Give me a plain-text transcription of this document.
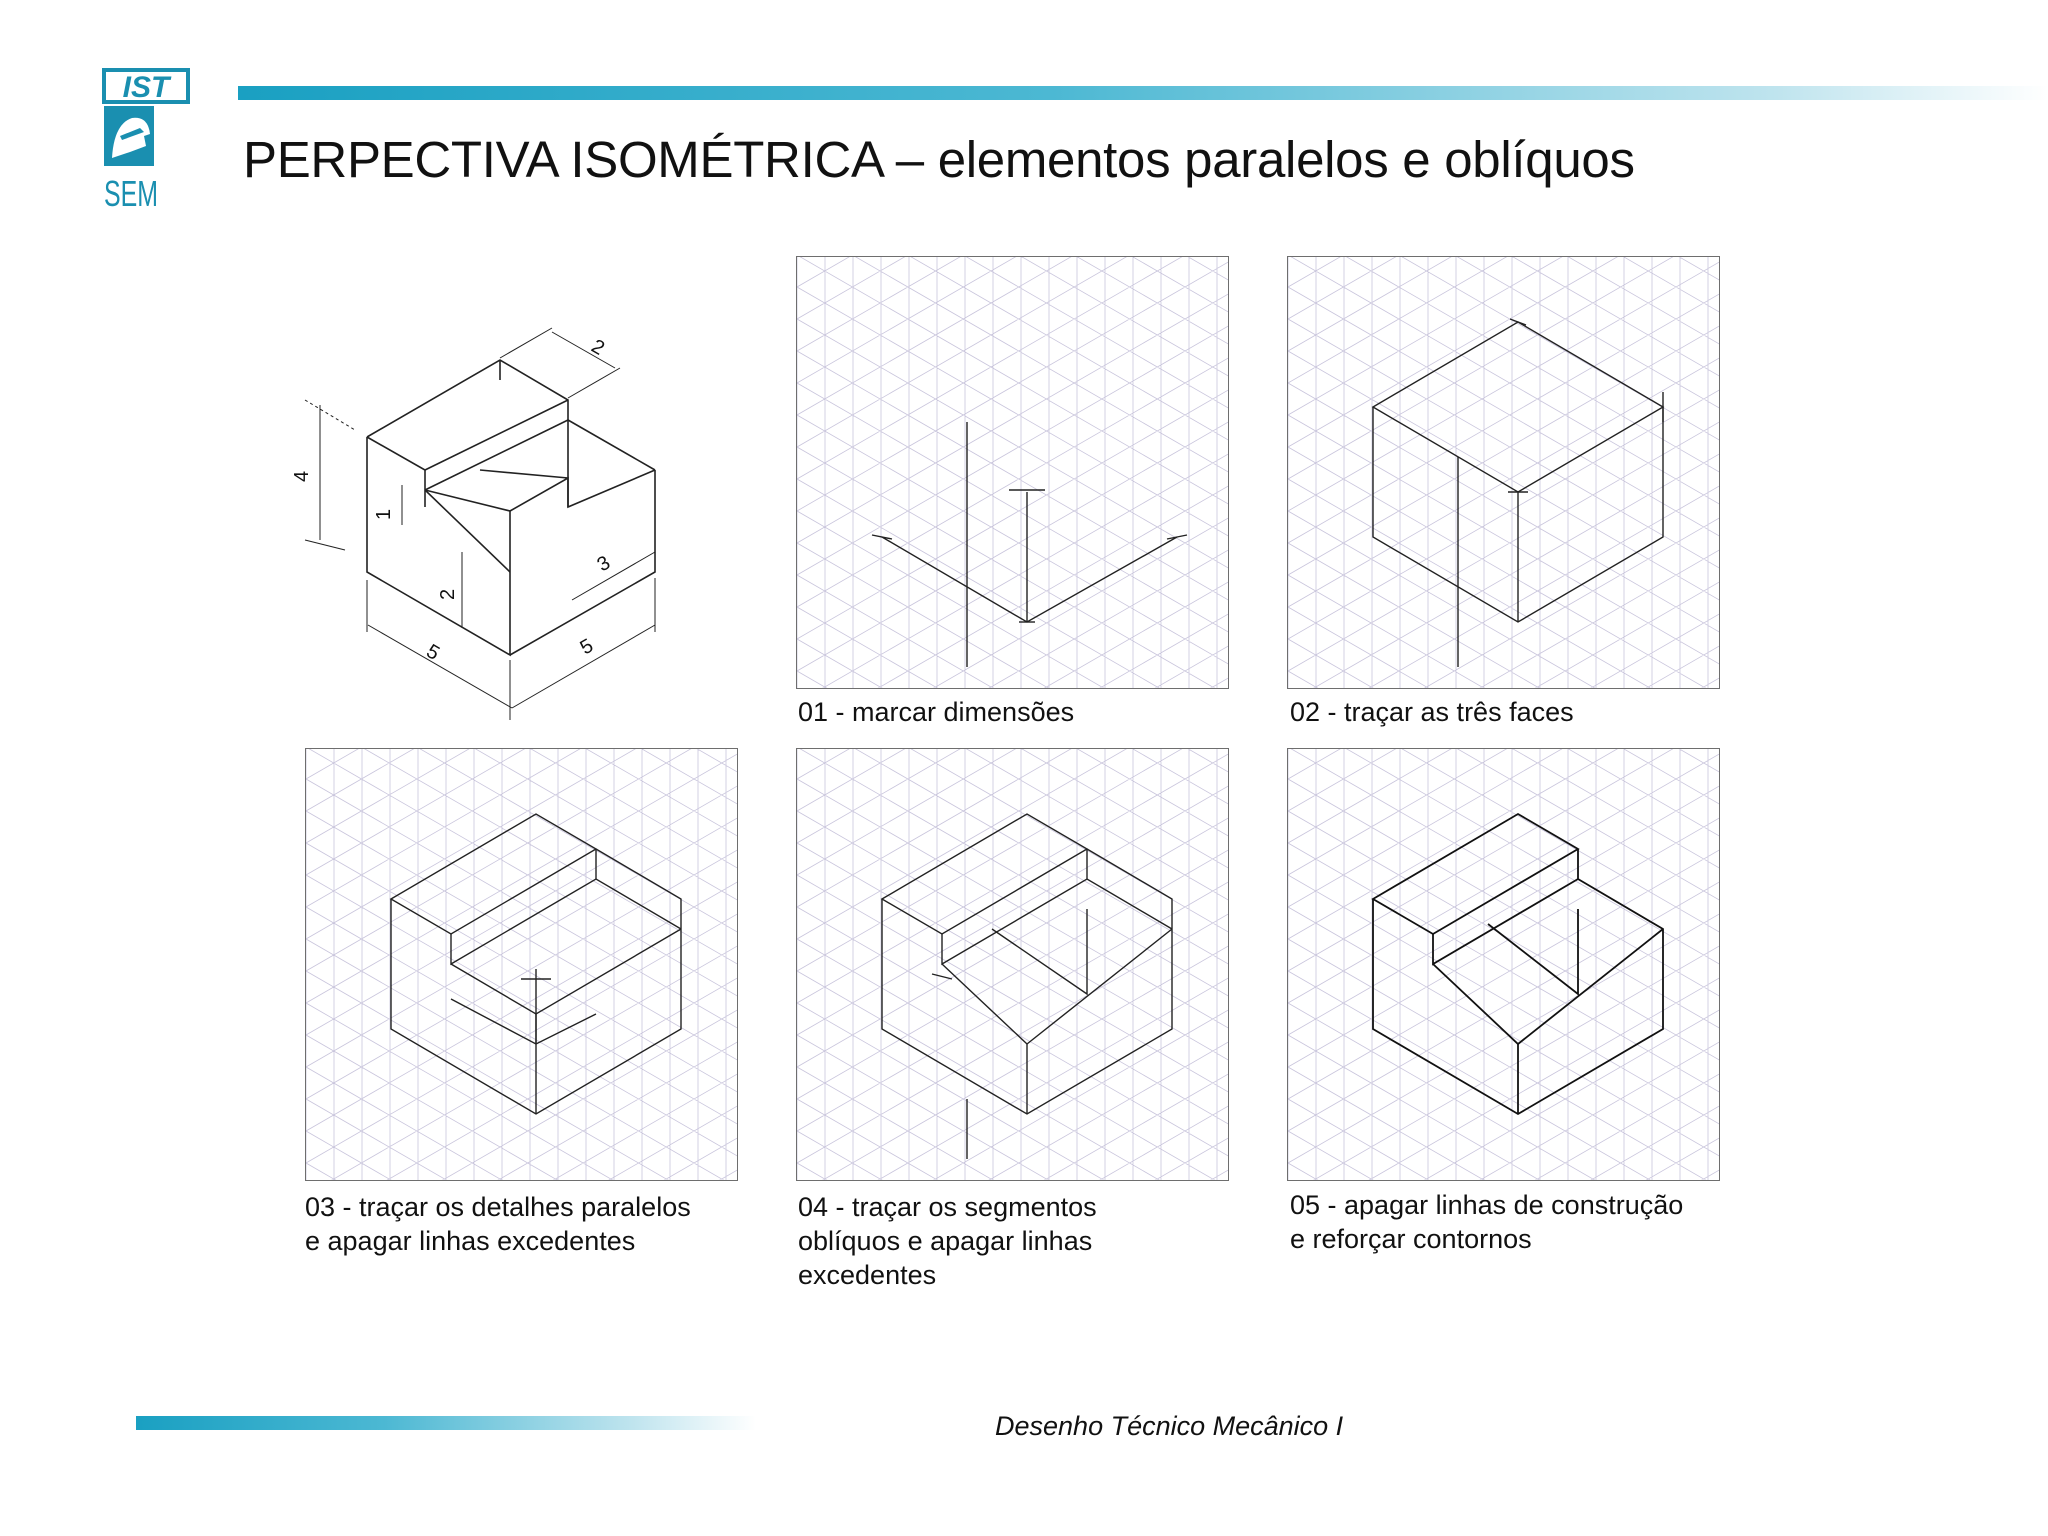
IST
SEM
PERPECTIVA ISOMÉTRICA – elementos paralelos e oblíquos
2
4
1
3
2
5	5
01 - marcar dimensões	02 - traçar as três faces
03 - traçar os detalhes paralelos
e apagar linhas excedentes
04 - traçar os segmentos
oblíquos e apagar linhas
excedentes
05 - apagar linhas de construção
e reforçar contornos
Desenho Técnico Mecânico I
